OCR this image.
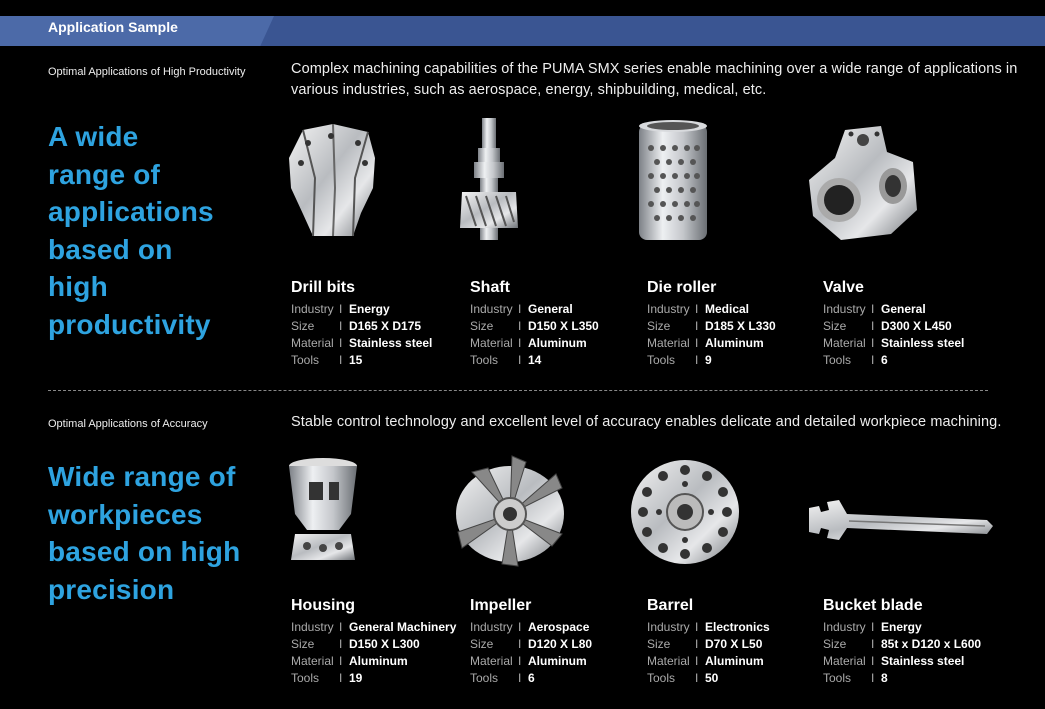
Application Sample
Optimal Applications of High Productivity	Complex machining capabilities of the PUMA SMX series enable machining over a wide range of applications in various industries, such as aerospace, energy, shipbuilding, medical, etc.
A wide
range of
applications
based on
high
productivity
Drill bits
Industry I Energy
Size	I D165 X D175
Material I Stainless steel
Tools	I 15
Shaft
Industry I General
Size	I D150 X L350
Material I Aluminum
Tools	I 14
Die roller
Industry I Medical
Size	I D185 X L330
Material I Aluminum
Tools	I 9
Valve
Industry I General
Size	I D300 X L450
Material I Stainless steel
Tools	I 6
Optimal Applications of Accuracy	Stable control technology and excellent level of accuracy enables delicate and detailed workpiece machining.
Wide range of
workpieces
based on high
precision
Housing
Industry I General Machinery
Size	I D150 X L300
Material I Aluminum
Tools	I 19
Impeller
Industry I Aerospace
Size	I D120 X L80
Material I Aluminum
Tools	I 6
Barrel
Industry I Electronics
Size	I D70 X L50
Material I Aluminum
Tools	I 50
Bucket blade
Industry I Energy
Size	I 85t x D120 x L600
Material I Stainless steel
Tools	I 8
